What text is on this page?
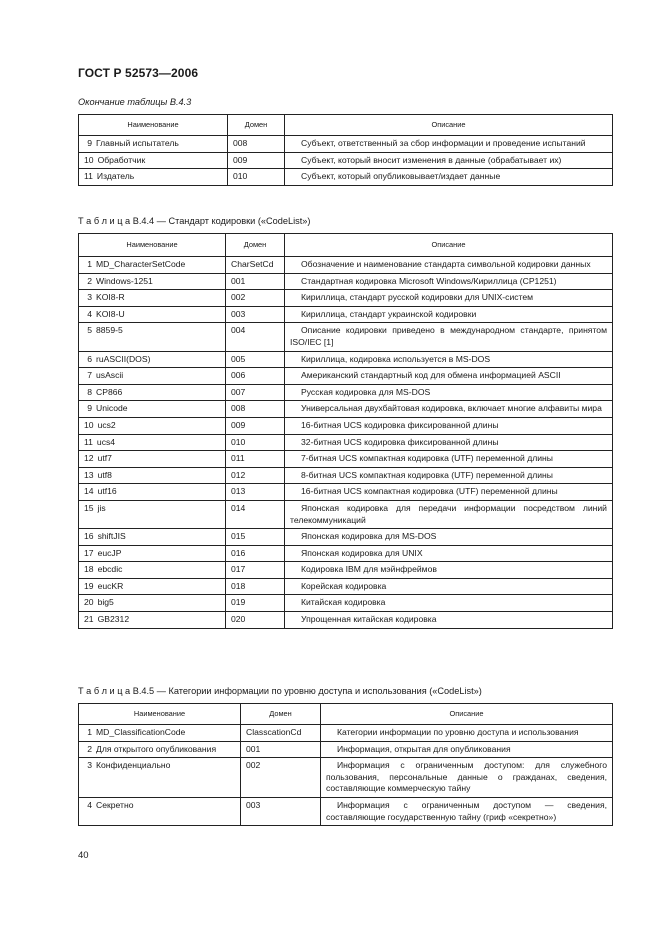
ГОСТ Р 52573—2006
Окончание таблицы В.4.3
Наименование	Домен	Описание
9 Главный испытатель	008	Субъект, ответственный за сбор информации и проведение испытаний
10 Обработчик	009	Субъект, который вносит изменения в данные (обрабатывает их)
11 Издатель	010	Субъект, который опубликовывает/издает данные
Т а б л и ц а В.4.4 — Стандарт кодировки («CodeList»)
Наименование	Домен	Описание
1 MD_CharacterSetCode	CharSetCd	Обозначение и наименование стандарта символьной кодировки данных
2 Windows-1251	001	Стандартная кодировка Microsoft Windows/Кириллица (CP1251)
3 KOI8-R	002	Кириллица, стандарт русской кодировки для UNIX-систем
4 KOI8-U	003	Кириллица, стандарт украинской кодировки
5 8859-5	004	Описание кодировки приведено в международном стандарте, принятом ISO/IEC [1]
6 ruASCII(DOS)	005	Кириллица, кодировка используется в MS-DOS
7 usAscii	006	Американский стандартный код для обмена информацией ASCII
8 CP866	007	Русская кодировка для MS-DOS
9 Unicode	008	Универсальная двухбайтовая кодировка, включает многие алфавиты мира
10 ucs2	009	16-битная UCS кодировка фиксированной длины
11 ucs4	010	32-битная UCS кодировка фиксированной длины
12 utf7	011	7-битная UCS компактная кодировка (UTF) переменной длины
13 utf8	012	8-битная UCS компактная кодировка (UTF) переменной длины
14 utf16	013	16-битная UCS компактная кодировка (UTF) переменной длины
15 jis	014	Японская кодировка для передачи информации посредством линий телекоммуникаций
16 shiftJIS	015	Японская кодировка для MS-DOS
17 eucJP	016	Японская кодировка для UNIX
18 ebcdic	017	Кодировка IBM для мэйнфреймов
19 eucKR	018	Корейская кодировка
20 big5	019	Китайская кодировка
21 GB2312	020	Упрощенная китайская кодировка
Т а б л и ц а В.4.5 — Категории информации по уровню доступа и использования («CodeList»)
Наименование	Домен	Описание
1 MD_ClassificationCode	ClasscationCd	Категории информации по уровню доступа и использования
2 Для открытого опубликования	001	Информация, открытая для опубликования
3 Конфиденциально	002	Информация с ограниченным доступом: для служебного пользования, персональные данные о гражданах, сведения, составляющие коммерческую тайну
4 Секретно	003	Информация с ограниченным доступом — сведения, составляющие государственную тайну (гриф «секретно»)
40
